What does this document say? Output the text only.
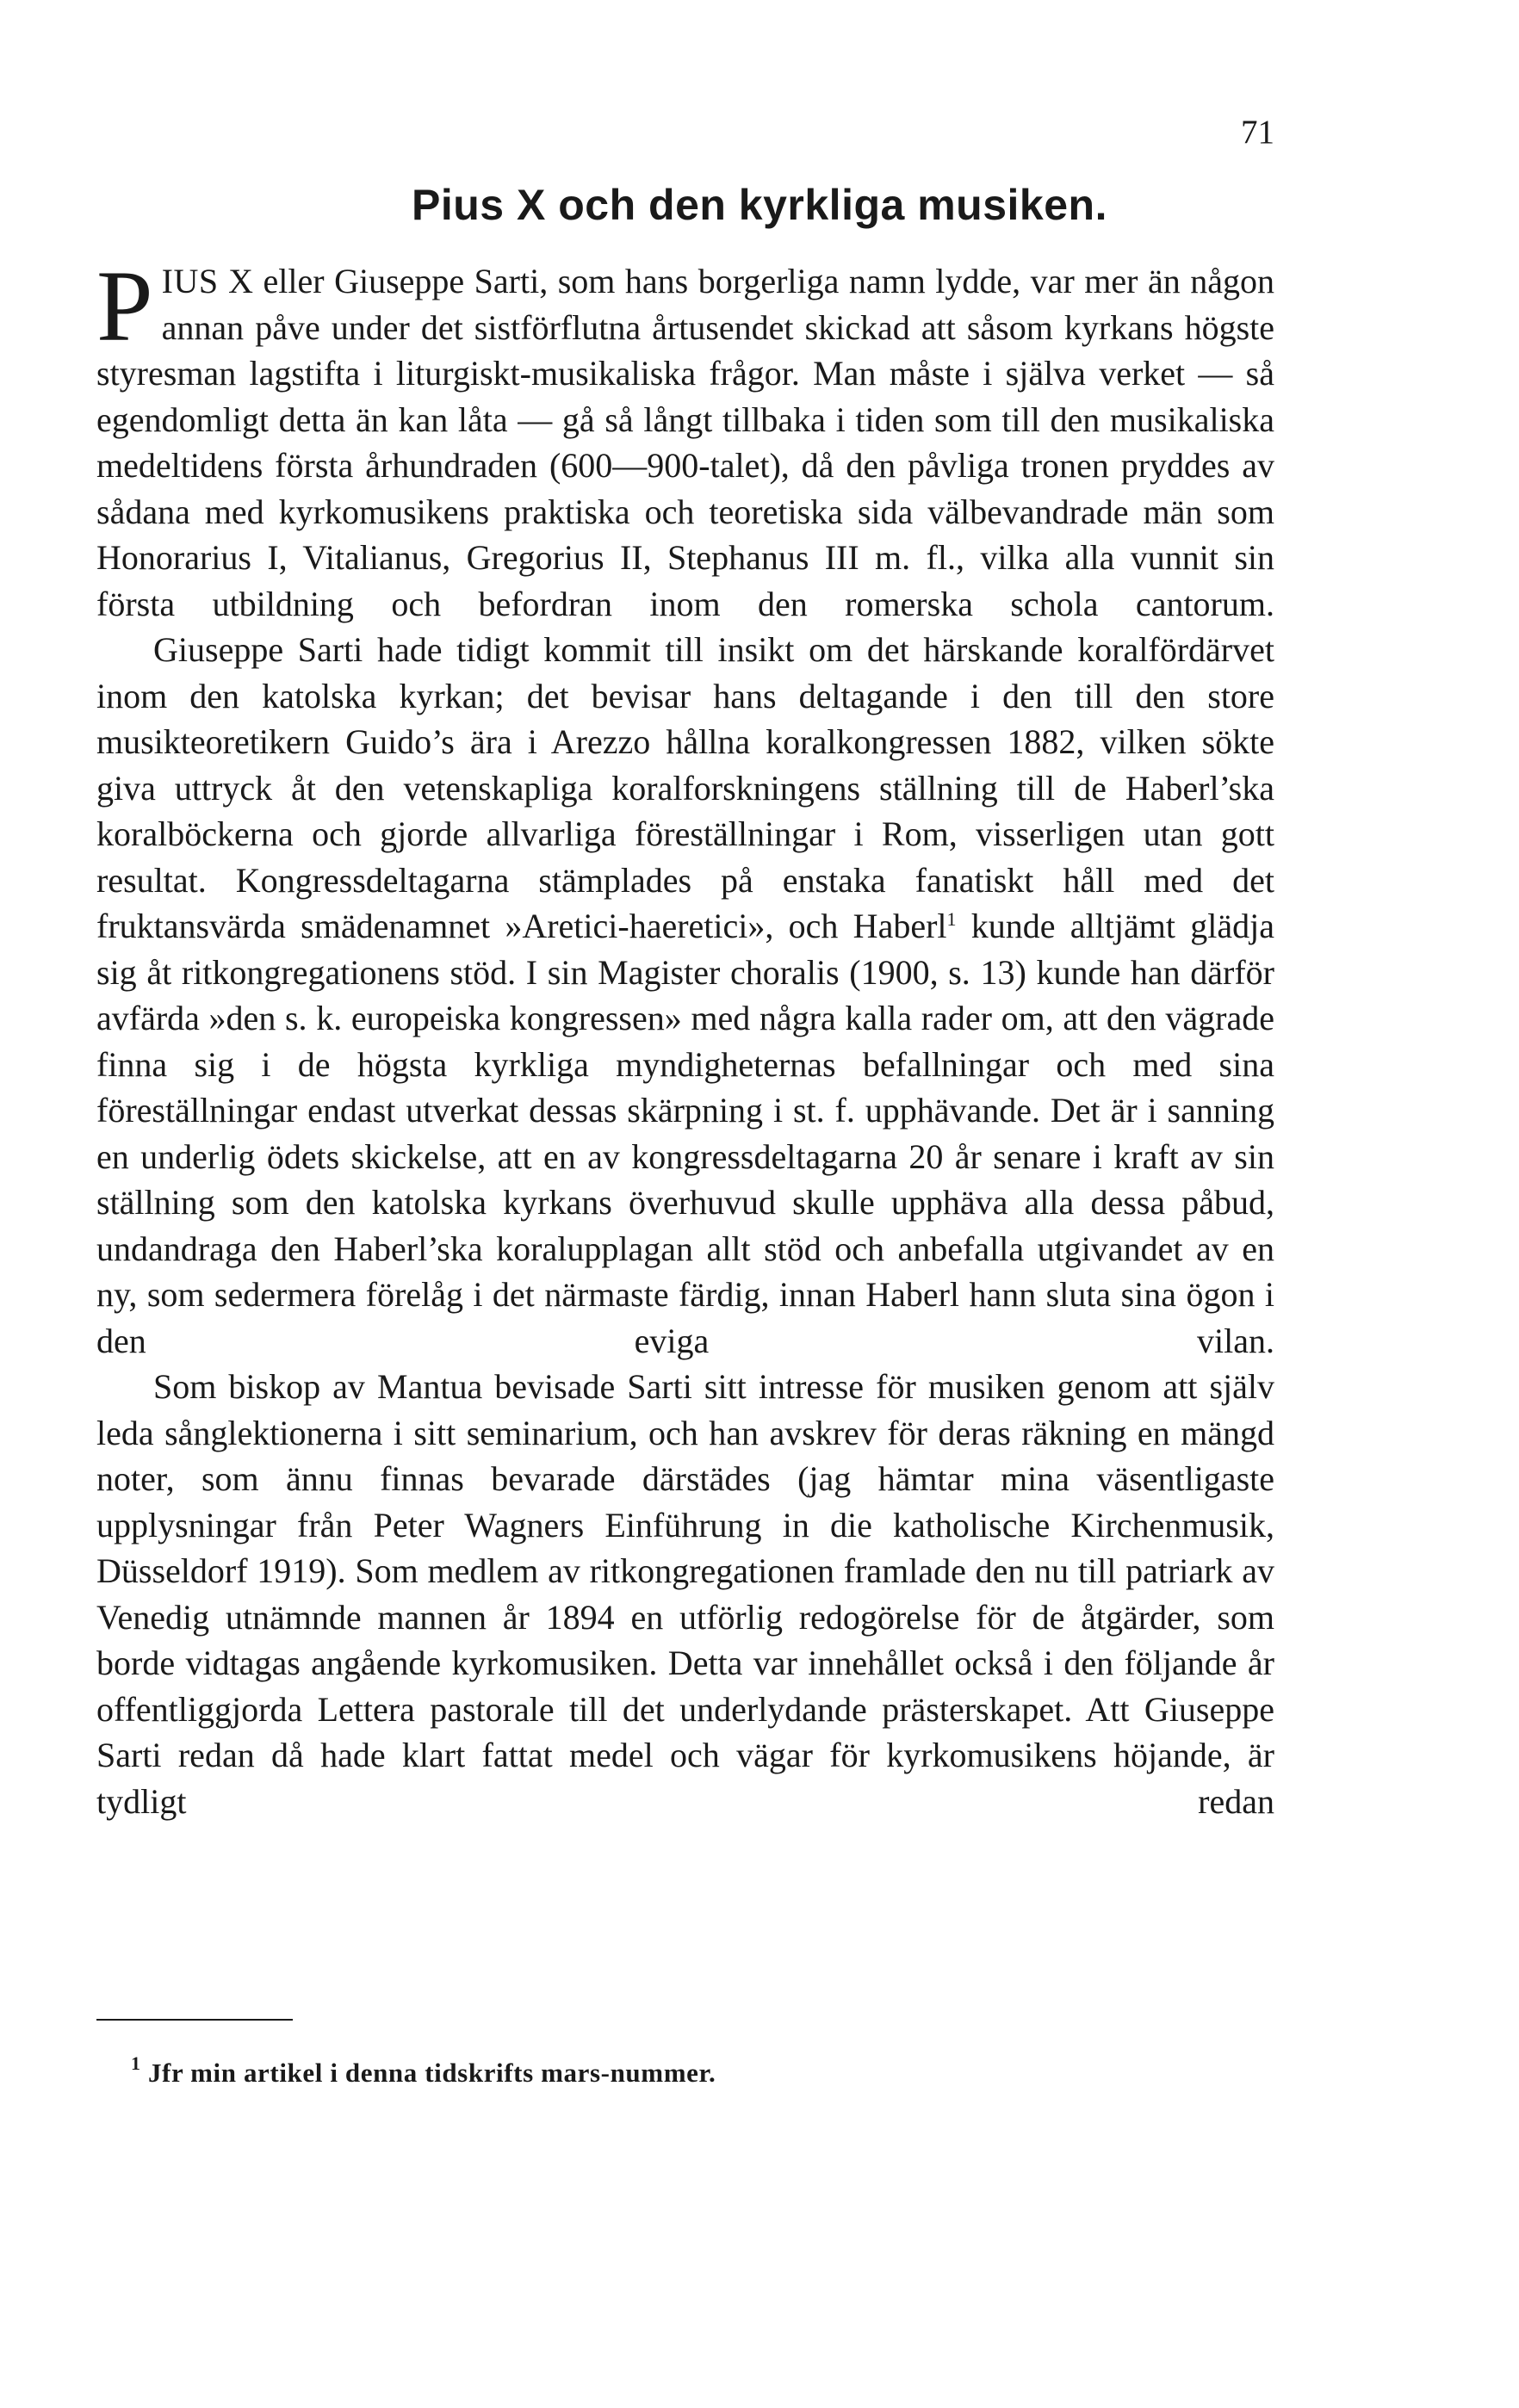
71
Pius X och den kyrkliga musiken.

PIUS X eller Giuseppe Sarti, som hans borgerliga namn lydde, var mer än någon annan påve under det sistförflutna årtusendet skickad att såsom kyrkans högste styresman lagstifta i liturgiskt-musikaliska frågor. Man måste i själva verket — så egendomligt detta än kan låta — gå så långt tillbaka i tiden som till den musikaliska medeltidens första århundraden (600—900-talet), då den påvliga tronen pryddes av sådana med kyrkomusikens praktiska och teoretiska sida välbevandrade män som Honorarius I, Vitalianus, Gregorius II, Stephanus III m. fl., vilka alla vunnit sin första utbildning och befordran inom den romerska schola cantorum.

Giuseppe Sarti hade tidigt kommit till insikt om det härskande koralfördärvet inom den katolska kyrkan; det bevisar hans deltagande i den till den store musikteoretikern Guido’s ära i Arezzo hållna koralkongressen 1882, vilken sökte giva uttryck åt den vetenskapliga koralforskningens ställning till de Haberl’ska koralböckerna och gjorde allvarliga föreställningar i Rom, visserligen utan gott resultat. Kongressdeltagarna stämplades på enstaka fanatiskt håll med det fruktansvärda smädenamnet »Aretici-haeretici», och Haberl$^1$ kunde alltjämt glädja sig åt ritkongregationens stöd. I sin Magister choralis (1900, s. 13) kunde han därför avfärda »den s. k. europeiska kongressen» med några kalla rader om, att den vägrade finna sig i de högsta kyrkliga myndigheternas befallningar och med sina föreställningar endast utverkat dessas skärpning i st. f. upphävande. Det är i sanning en underlig ödets skickelse, att en av kongressdeltagarna 20 år senare i kraft av sin ställning som den katolska kyrkans överhuvud skulle upphäva alla dessa påbud, undandraga den Haberl’ska koralupplagan allt stöd och anbefalla utgivandet av en ny, som sedermera förelåg i det närmaste färdig, innan Haberl hann sluta sina ögon i den eviga vilan.

Som biskop av Mantua bevisade Sarti sitt intresse för musiken genom att själv leda sånglektionerna i sitt seminarium, och han avskrev för deras räkning en mängd noter, som ännu finnas bevarade därstädes (jag hämtar mina väsentligaste upplysningar från Peter Wagners Einführung in die katholische Kirchenmusik, Düsseldorf 1919). Som medlem av ritkongregationen framlade den nu till patriark av Venedig utnämnde mannen år 1894 en utförlig redogörelse för de åtgärder, som borde vidtagas angående kyrkomusiken. Detta var innehållet också i den följande år offentliggjorda Lettera pastorale till det underlydande prästerskapet. Att Giuseppe Sarti redan då hade klart fattat medel och vägar för kyrkomusikens höjande, är tydligt redan

$^1$ Jfr min artikel i denna tidskrifts mars-nummer.
